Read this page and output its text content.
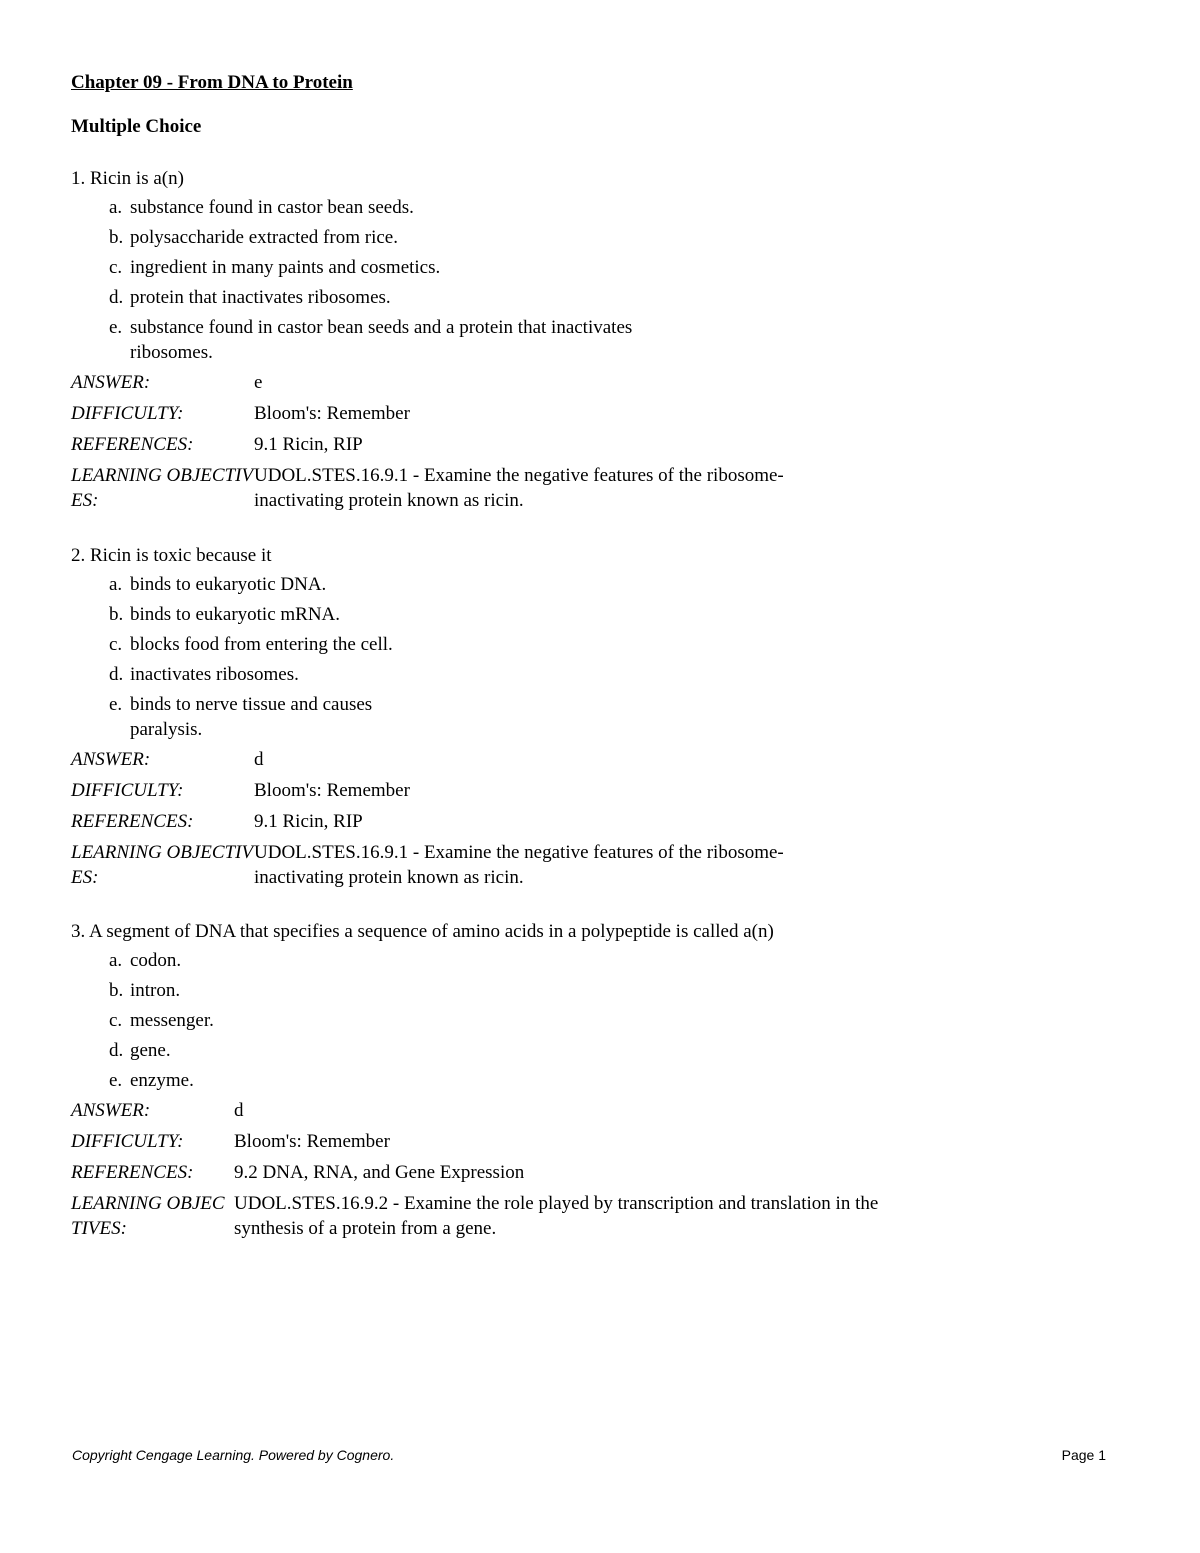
Chapter 09 - From DNA to Protein
Multiple Choice
1. Ricin is a(n)
a. substance found in castor bean seeds.
b. polysaccharide extracted from rice.
c. ingredient in many paints and cosmetics.
d. protein that inactivates ribosomes.
e. substance found in castor bean seeds and a protein that inactivates ribosomes.
ANSWER:	e
DIFFICULTY:	Bloom's: Remember
REFERENCES:	9.1 Ricin, RIP
LEARNING OBJECTIVES:
UDOL.STES.16.9.1 - Examine the negative features of the ribosome-inactivating protein known as ricin.
2. Ricin is toxic because it
a. binds to eukaryotic DNA.
b. binds to eukaryotic mRNA.
c. blocks food from entering the cell.
d. inactivates ribosomes.
e. binds to nerve tissue and causes paralysis.
ANSWER:	d
DIFFICULTY:	Bloom's: Remember
REFERENCES:	9.1 Ricin, RIP
LEARNING OBJECTIVES:
UDOL.STES.16.9.1 - Examine the negative features of the ribosome-inactivating protein known as ricin.
3. A segment of DNA that specifies a sequence of amino acids in a polypeptide is called a(n)
a. codon.
b. intron.
c. messenger.
d. gene.
e. enzyme.
ANSWER:	d
DIFFICULTY:	Bloom's: Remember
REFERENCES:	9.2 DNA, RNA, and Gene Expression
LEARNING OBJECTIVES:
UDOL.STES.16.9.2 - Examine the role played by transcription and translation in the synthesis of a protein from a gene.
Copyright Cengage Learning. Powered by Cognero.	Page 1
